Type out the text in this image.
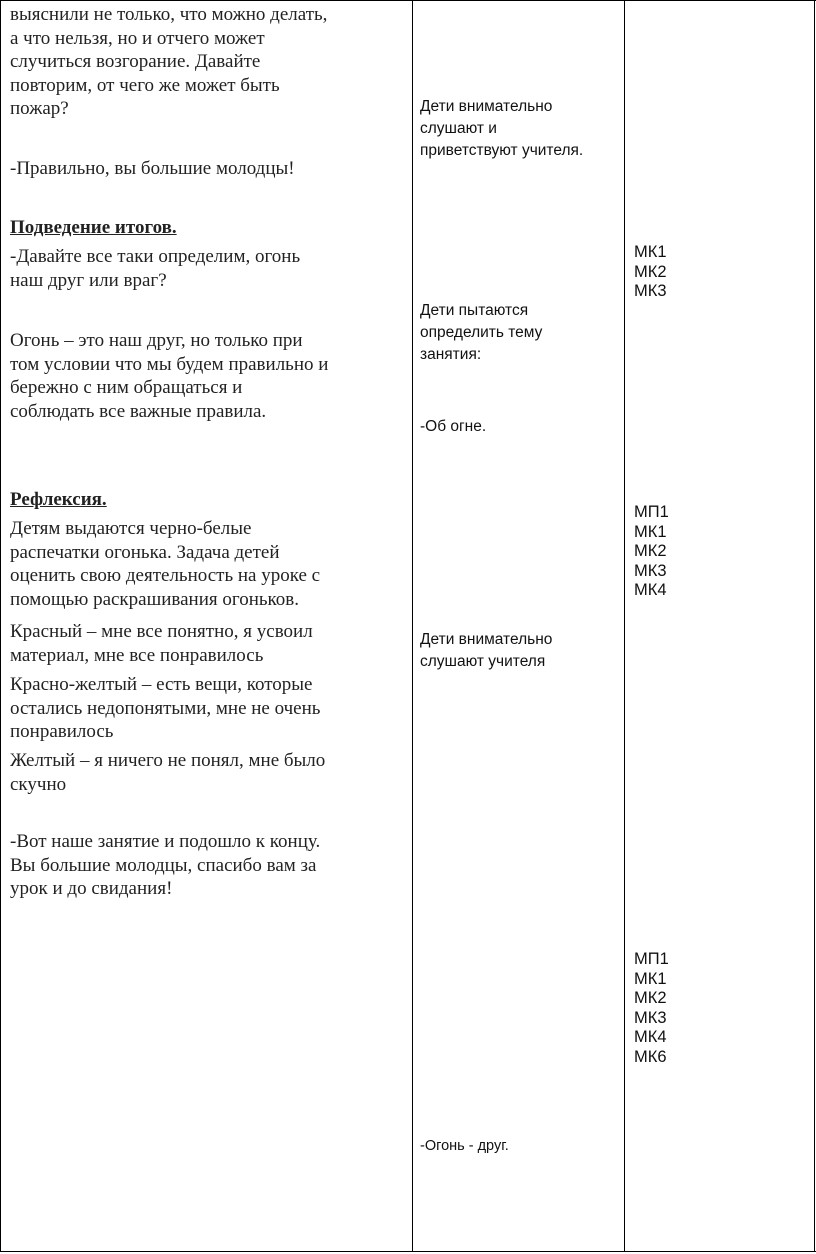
выяснили не только, что можно делать,

а что нельзя, но и отчего может

случиться возгорание. Давайте

повторим, от чего же может быть

пожар?

-Правильно, вы большие молодцы!

Подведение итогов.

-Давайте все таки определим, огонь

наш друг или враг?

Огонь – это наш друг, но только при

том условии что мы будем правильно и

бережно с ним обращаться и

соблюдать все важные правила.

Рефлексия.

Детям выдаются черно-белые

распечатки огонька. Задача детей

оценить свою деятельность на уроке с

помощью раскрашивания огоньков.

Красный – мне все понятно, я усвоил

материал, мне все понравилось

Красно-желтый – есть вещи, которые

остались недопонятыми, мне не очень

понравилось

Желтый – я ничего не понял, мне было

скучно

-Вот наше занятие и подошло к концу.

Вы большие молодцы, спасибо вам за

урок и до свидания!

Дети внимательно

слушают и

приветствуют учителя.

Дети пытаются

определить тему

занятия:

-Об огне.

Дети внимательно

слушают учителя

-Огонь - друг.

МК1
МК2
МК3
МП1
МК1
МК2
МК3
МК4
МП1
МК1
МК2
МК3
МК4
МК6
